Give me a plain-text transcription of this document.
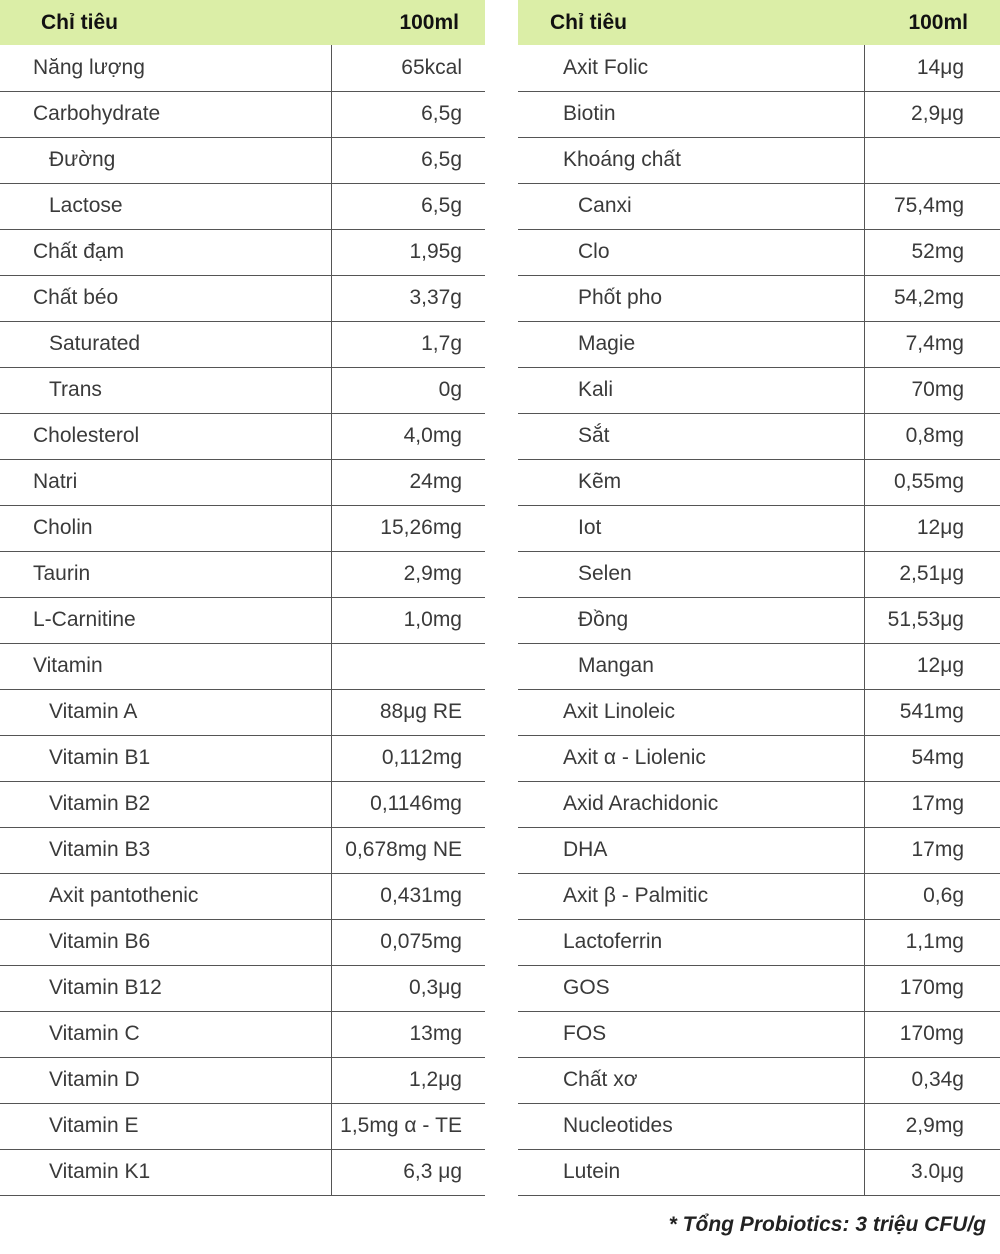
Chỉ tiêu	100ml
Năng lượng	65kcal
Carbohydrate	6,5g
Đường	6,5g
Lactose	6,5g
Chất đạm	1,95g
Chất béo	3,37g
Saturated	1,7g
Trans	0g
Cholesterol	4,0mg
Natri	24mg
Cholin	15,26mg
Taurin	2,9mg
L-Carnitine	1,0mg
Vitamin	
Vitamin A	88μg RE
Vitamin B1	0,112mg
Vitamin B2	0,1146mg
Vitamin B3	0,678mg NE
Axit pantothenic	0,431mg
Vitamin B6	0,075mg
Vitamin B12	0,3μg
Vitamin C	13mg
Vitamin D	1,2μg
Vitamin E	1,5mg α - TE
Vitamin K1	6,3 μg
Chỉ tiêu	100ml
Axit Folic	14μg
Biotin	2,9μg
Khoáng chất	
Canxi	75,4mg
Clo	52mg
Phốt pho	54,2mg
Magie	7,4mg
Kali	70mg
Sắt	0,8mg
Kẽm	0,55mg
Iot	12μg
Selen	2,51μg
Đồng	51,53μg
Mangan	12μg
Axit Linoleic	541mg
Axit α - Liolenic	54mg
Axid Arachidonic	17mg
DHA	17mg
Axit β - Palmitic	0,6g
Lactoferrin	1,1mg
GOS	170mg
FOS	170mg
Chất xơ	0,34g
Nucleotides	2,9mg
Lutein	3.0μg
* Tổng Probiotics: 3 triệu CFU/g
